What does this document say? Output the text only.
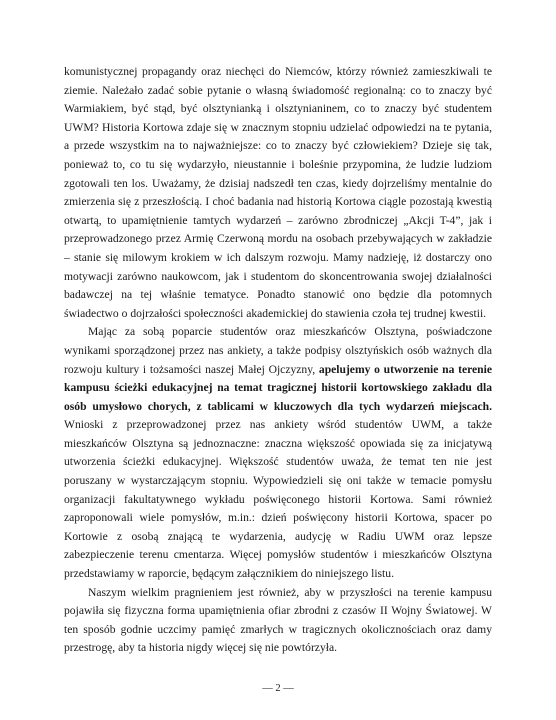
komunistycznej propagandy oraz niechęci do Niemców, którzy również zamieszkiwali te ziemie. Należało zadać sobie pytanie o własną świadomość regionalną: co to znaczy być Warmiakiem, być stąd, być olsztynianką i olsztynianinem, co to znaczy być studentem UWM? Historia Kortowa zdaje się w znacznym stopniu udzielać odpowiedzi na te pytania, a przede wszystkim na to najważniejsze: co to znaczy być człowiekiem? Dzieje się tak, ponieważ to, co tu się wydarzyło, nieustannie i boleśnie przypomina, że ludzie ludziom zgotowali ten los. Uważamy, że dzisiaj nadszedł ten czas, kiedy dojrzeliśmy mentalnie do zmierzenia się z przeszłością. I choć badania nad historią Kortowa ciągle pozostają kwestią otwartą, to upamiętnienie tamtych wydarzeń – zarówno zbrodniczej „Akcji T-4”, jak i przeprowadzonego przez Armię Czerwoną mordu na osobach przebywających w zakładzie – stanie się milowym krokiem w ich dalszym rozwoju. Mamy nadzieję, iż dostarczy ono motywacji zarówno naukowcom, jak i studentom do skoncentrowania swojej działalności badawczej na tej właśnie tematyce. Ponadto stanowić ono będzie dla potomnych świadectwo o dojrzałości społeczności akademickiej do stawienia czoła tej trudnej kwestii.

Mając za sobą poparcie studentów oraz mieszkańców Olsztyna, poświadczone wynikami sporządzonej przez nas ankiety, a także podpisy olsztyńskich osób ważnych dla rozwoju kultury i tożsamości naszej Małej Ojczyzny, apelujemy o utworzenie na terenie kampusu ścieżki edukacyjnej na temat tragicznej historii kortowskiego zakładu dla osób umysłowo chorych, z tablicami w kluczowych dla tych wydarzeń miejscach. Wnioski z przeprowadzonej przez nas ankiety wśród studentów UWM, a także mieszkańców Olsztyna są jednoznaczne: znaczna większość opowiada się za inicjatywą utworzenia ścieżki edukacyjnej. Większość studentów uważa, że temat ten nie jest poruszany w wystarczającym stopniu. Wypowiedzieli się oni także w temacie pomysłu organizacji fakultatywnego wykładu poświęconego historii Kortowa. Sami również zaproponowali wiele pomysłów, m.in.: dzień poświęcony historii Kortowa, spacer po Kortowie z osobą znającą te wydarzenia, audycję w Radiu UWM oraz lepsze zabezpieczenie terenu cmentarza. Więcej pomysłów studentów i mieszkańców Olsztyna przedstawiamy w raporcie, będącym załącznikiem do niniejszego listu.

Naszym wielkim pragnieniem jest również, aby w przyszłości na terenie kampusu pojawiła się fizyczna forma upamiętnienia ofiar zbrodni z czasów II Wojny Światowej. W ten sposób godnie uczcimy pamięć zmarłych w tragicznych okolicznościach oraz damy przestrogę, aby ta historia nigdy więcej się nie powtórzyła.

— 2 —
